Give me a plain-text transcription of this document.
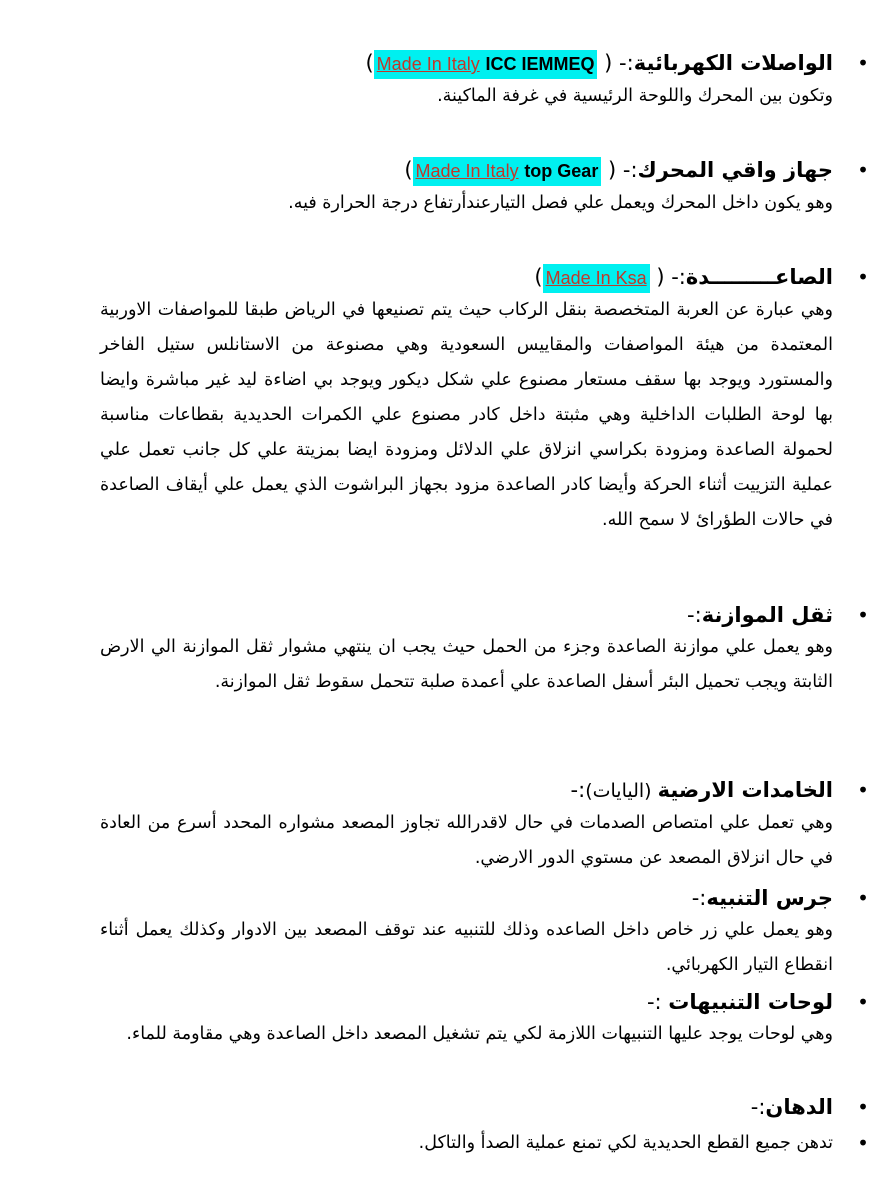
•
الواصلات الكهربائية:- ( Made In Italy ICC IEMMEQ)

وتكون بين المحرك واللوحة الرئيسية في غرفة الماكينة.

•
جهاز واقي المحرك:- ( Made In Italy top Gear)

وهو يكون داخل المحرك ويعمل علي فصل التيارعندأرتفاع درجة الحرارة فيه.

•
الصاعـــــــــدة:- ( Made In Ksa)

وهي عبارة عن العربة المتخصصة بنقل الركاب حيث يتم تصنيعها في الرياض طبقا للمواصفات الاوربية المعتمدة من هيئة المواصفات والمقاييس السعودية وهي مصنوعة من الاستانلس ستيل الفاخر والمستورد ويوجد بها سقف مستعار مصنوع علي شكل ديكور ويوجد بي اضاءة ليد غير مباشرة وايضا بها لوحة الطلبات الداخلية وهي مثبتة داخل كادر مصنوع علي الكمرات الحديدية بقطاعات مناسبة لحمولة الصاعدة ومزودة بكراسي انزلاق علي الدلائل ومزودة ايضا بمزيتة علي كل جانب تعمل علي عملية التزييت أثناء الحركة وأيضا كادر الصاعدة مزود بجهاز البراشوت الذي يعمل علي أيقاف الصاعدة في حالات الطؤرائ لا سمح الله.

•
ثقل الموازنة:-

وهو يعمل علي موازنة الصاعدة وجزء من الحمل حيث يجب ان ينتهي مشوار ثقل الموازنة الي الارض الثابتة ويجب تحميل البئر أسفل الصاعدة علي أعمدة صلبة تتحمل سقوط ثقل الموازنة.

•
الخامدات الارضية (اليايات):-

وهي تعمل علي امتصاص الصدمات في حال لاقدرالله تجاوز المصعد مشواره المحدد أسرع من العادة في حال انزلاق المصعد عن مستوي الدور الارضي.

•
جرس التنبيه:-

وهو يعمل علي زر خاص داخل الصاعده وذلك للتنبيه عند توقف المصعد بين الادوار وكذلك يعمل أثناء انقطاع التيار الكهربائي.

•
لوحات التنبيهات :-

وهي لوحات يوجد عليها التنبيهات اللازمة لكي يتم تشغيل المصعد داخل الصاعدة وهي مقاومة للماء.

•
الدهان:-
•
تدهن جميع القطع الحديدية لكي تمنع عملية الصدأ والتاكل.
